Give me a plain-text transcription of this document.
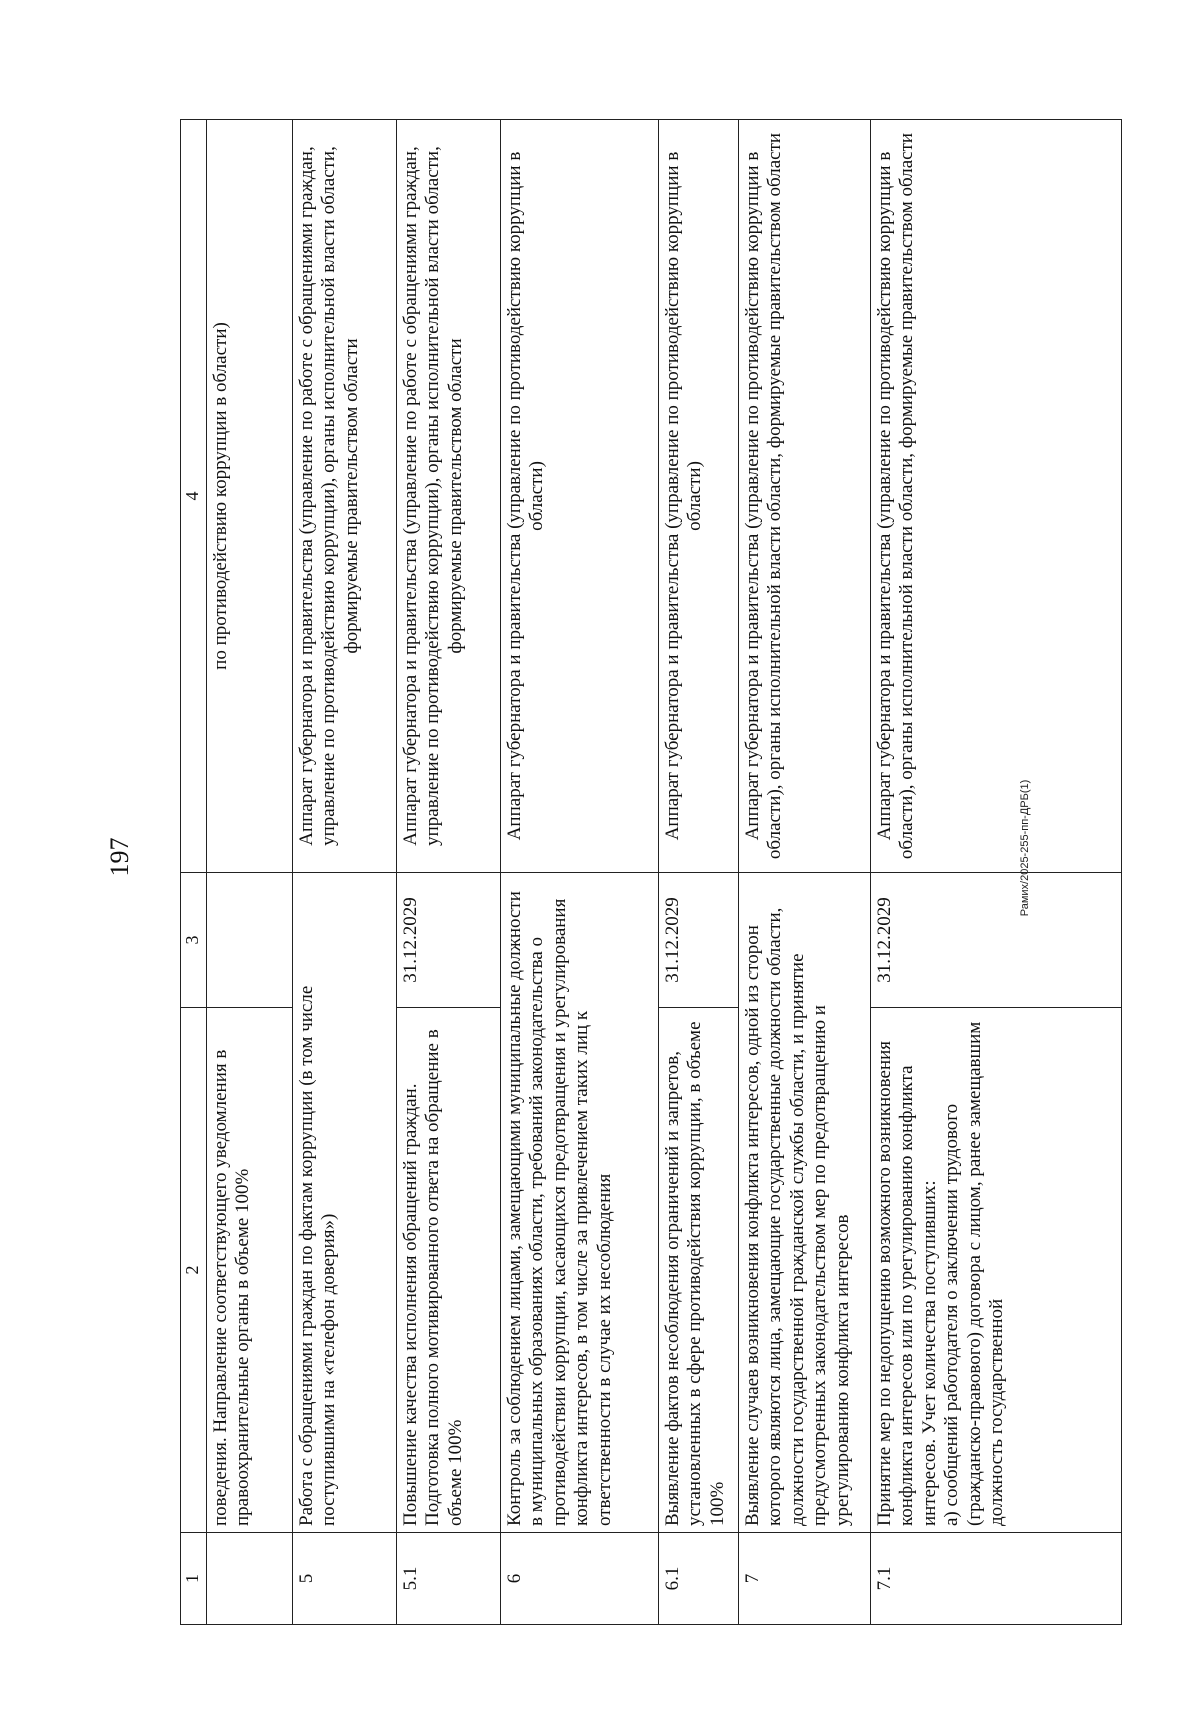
197
1	2	3	4
	поведения. Направление соответствующего уведомления в правоохранительные органы в объеме 100%		по противодействию коррупции в области)
5	Работа с обращениями граждан по фактам коррупции (в том числе поступившими на «телефон доверия»)		Аппарат губернатора и правительства (управление по работе с обращениями граждан, управление по противодействию коррупции), органы исполнительной власти области, формируемые правительством области
5.1	Повышение качества исполнения обращений граждан. Подготовка полного мотивированного ответа на обращение в объеме 100%	31.12.2029	Аппарат губернатора и правительства (управление по работе с обращениями граждан, управление по противодействию коррупции), органы исполнительной власти области, формируемые правительством области
6	Контроль за соблюдением лицами, замещающими муниципальные должности в муниципальных образованиях области, требований законодательства о противодействии коррупции, касающихся предотвращения и урегулирования конфликта интересов, в том числе за привлечением таких лиц к ответственности в случае их несоблюдения		Аппарат губернатора и правительства (управление по противодействию коррупции в области)
6.1	Выявление фактов несоблюдения ограничений и запретов, установленных в сфере противодействия коррупции, в объеме 100%	31.12.2029	Аппарат губернатора и правительства (управление по противодействию коррупции в области)
7	Выявление случаев возникновения конфликта интересов, одной из сторон которого являются лица, замещающие государственные должности области, должности государственной гражданской службы области, и принятие предусмотренных законодательством мер по предотвращению и урегулированию конфликта интересов		Аппарат губернатора и правительства (управление по противодействию коррупции в области), органы исполнительной власти области, формируемые правительством области
7.1	Принятие мер по недопущению возможного возникновения конфликта интересов или по урегулированию конфликта интересов. Учет количества поступивших: а) сообщений работодателя о заключении трудового (гражданско-правового) договора с лицом, ранее замещавшим должность государственной	31.12.2029	Аппарат губернатора и правительства (управление по противодействию коррупции в области), органы исполнительной власти области, формируемые правительством области	Рамих/2025-255-пп-ДРБ(1)
